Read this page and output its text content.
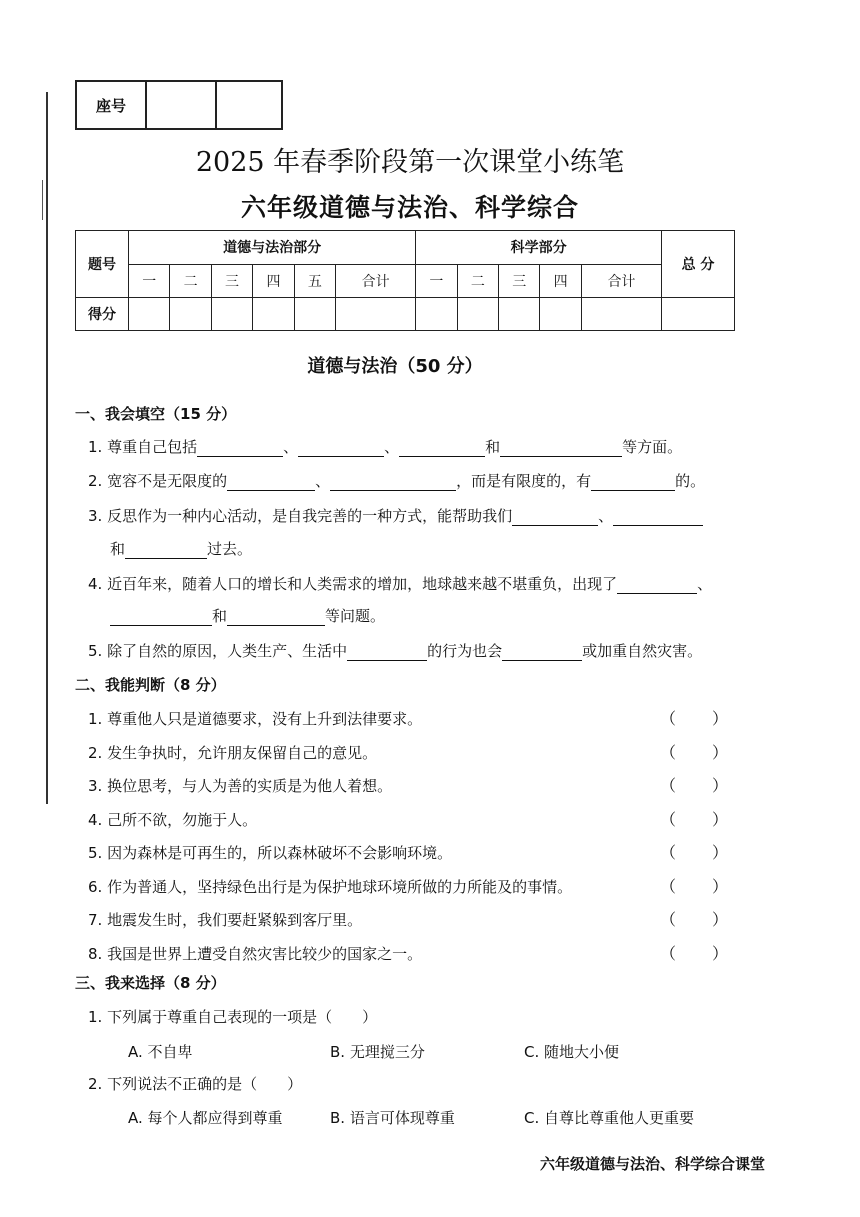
座号		
2025 年春季阶段第一次课堂小练笔
六年级道德与法治、科学综合
题号	道德与法治部分						科学部分					总 分
	一	二	三	四	五	合计	一	二	三	四	合计	
得分												
道德与法治（50 分）
一、我会填空（15 分）
1. 尊重自己包括	、	、	和	等方面。
2. 宽容不是无限度的	、	，而是有限度的，有	的。
3. 反思作为一种内心活动，是自我完善的一种方式，能帮助我们	、
和	过去。
4. 近百年来，随着人口的增长和人类需求的增加，地球越来越不堪重负，出现了	、
和	等问题。
5. 除了自然的原因，人类生产、生活中	的行为也会	或加重自然灾害。
二、我能判断（8 分）
1. 尊重他人只是道德要求，没有上升到法律要求。	（ ）
2. 发生争执时，允许朋友保留自己的意见。	（ ）
3. 换位思考，与人为善的实质是为他人着想。	（ ）
4. 己所不欲，勿施于人。	（ ）
5. 因为森林是可再生的，所以森林破坏不会影响环境。	（ ）
6. 作为普通人，坚持绿色出行是为保护地球环境所做的力所能及的事情。	（ ）
7. 地震发生时，我们要赶紧躲到客厅里。	（ ）
8. 我国是世界上遭受自然灾害比较少的国家之一。	（ ）
三、我来选择（8 分）
1. 下列属于尊重自己表现的一项是（　　）
A. 不自卑	B. 无理搅三分	C. 随地大小便
2. 下列说法不正确的是（　　）
A. 每个人都应得到尊重	B. 语言可体现尊重	C. 自尊比尊重他人更重要
六年级道德与法治、科学综合课堂
